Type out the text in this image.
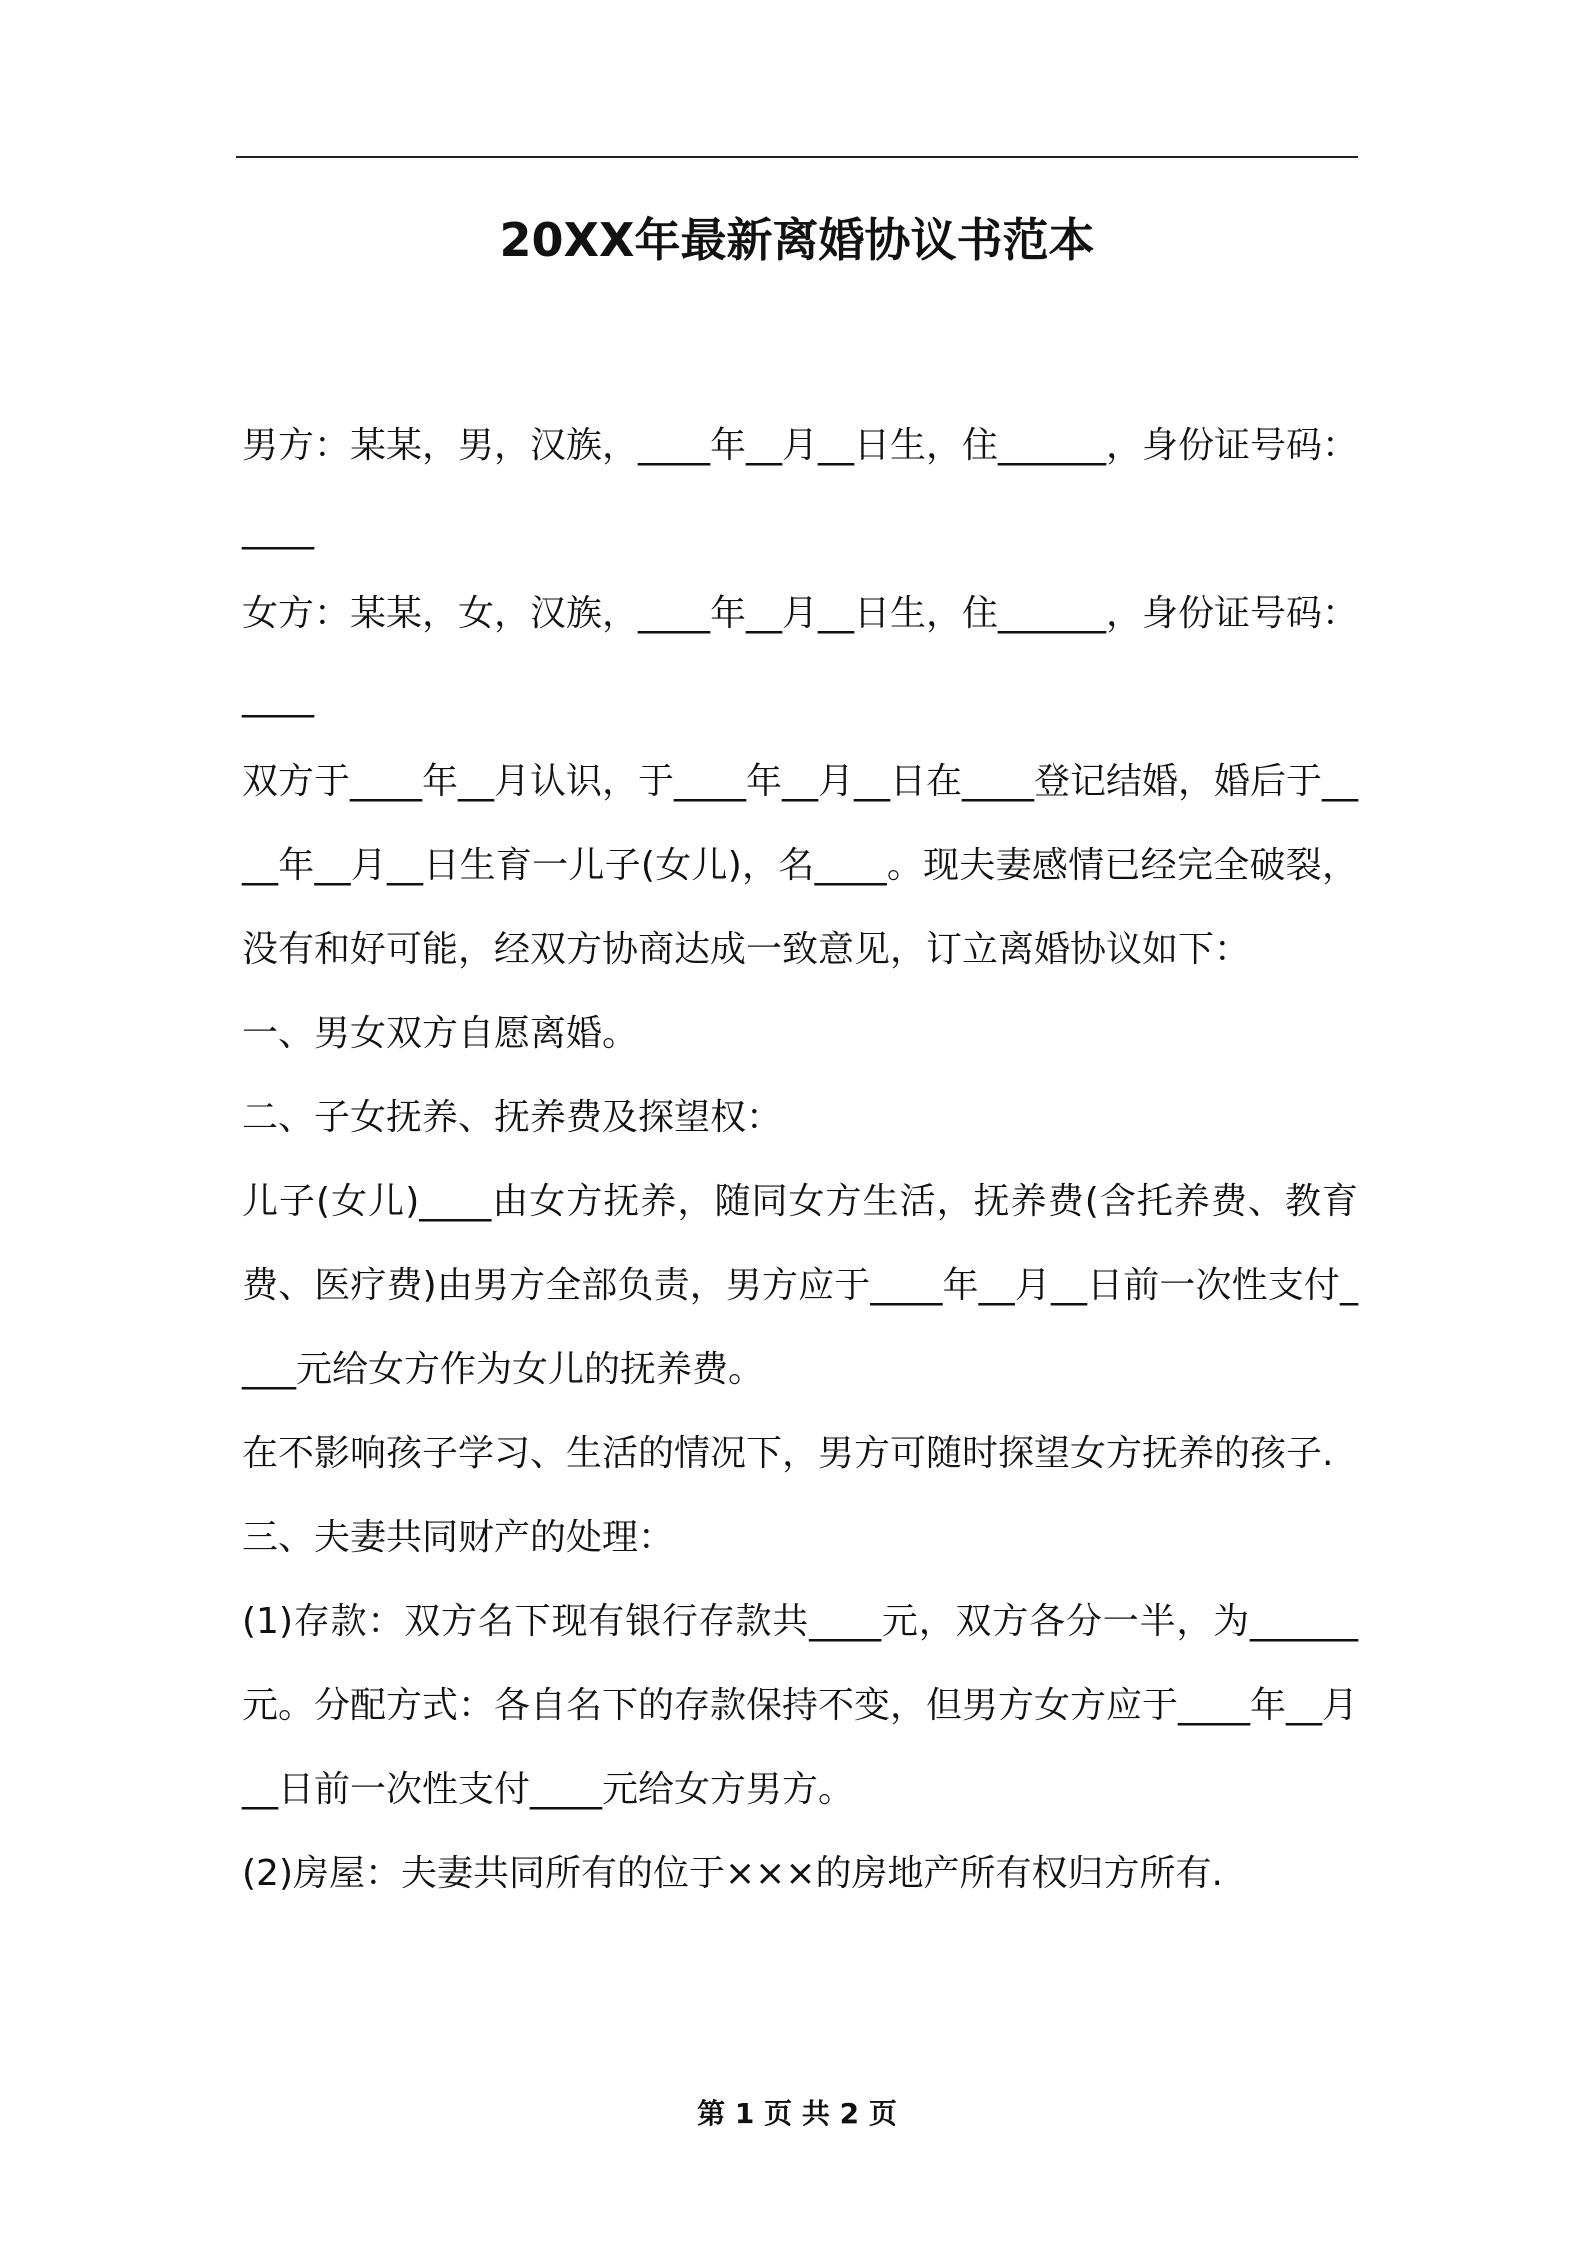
20XX年最新离婚协议书范本

男方：某某，男，汉族，____年__月__日生，住______，身份证号码：____

女方：某某，女，汉族，____年__月__日生，住______，身份证号码：____

双方于____年__月认识，于____年__月__日在____登记结婚，婚后于____年__月__日生育一儿子(女儿)，名____。现夫妻感情已经完全破裂，没有和好可能，经双方协商达成一致意见，订立离婚协议如下：

一、男女双方自愿离婚。

二、子女抚养、抚养费及探望权：

儿子(女儿)____由女方抚养，随同女方生活，抚养费(含托养费、教育费、医疗费)由男方全部负责，男方应于____年__月__日前一次性支付____元给女方作为女儿的抚养费。

在不影响孩子学习、生活的情况下，男方可随时探望女方抚养的孩子.

三、夫妻共同财产的处理：

(1)存款：双方名下现有银行存款共____元，双方各分一半，为______元。分配方式：各自名下的存款保持不变，但男方女方应于____年__月__日前一次性支付____元给女方男方。

(2)房屋：夫妻共同所有的位于×××的房地产所有权归方所有.

第 1 页 共 2 页
